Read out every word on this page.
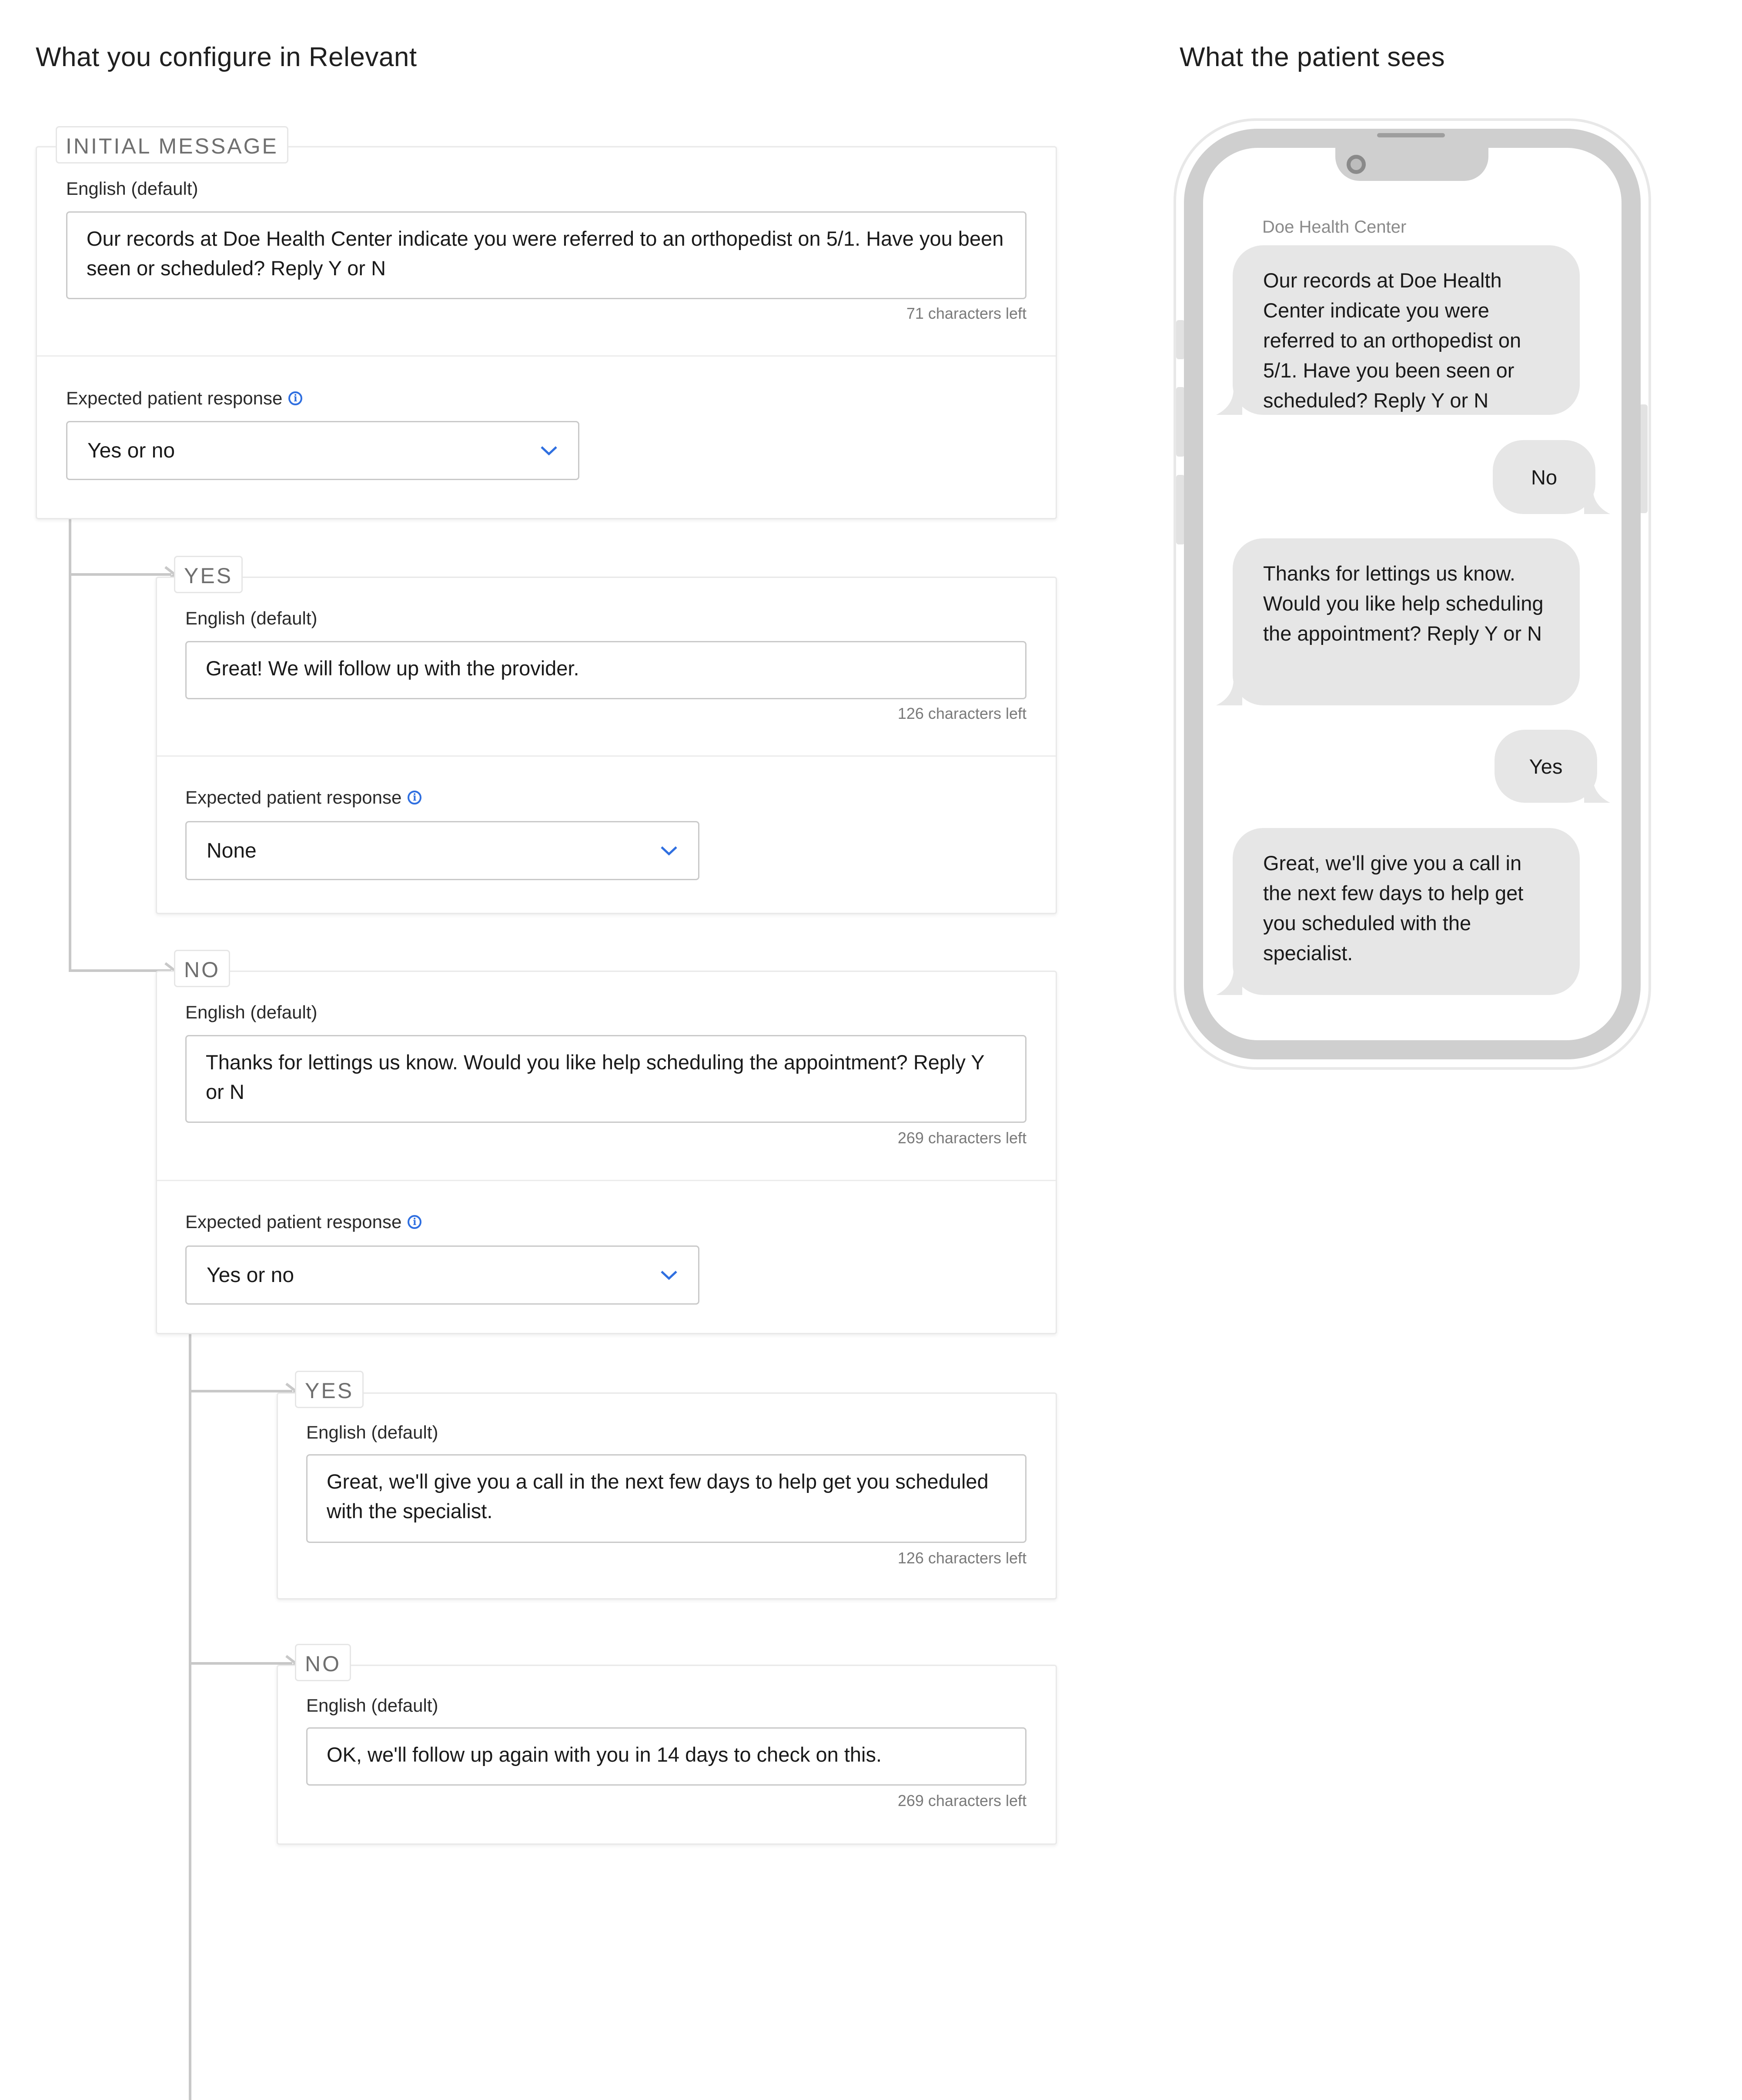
What you configure in Relevant	What the patient sees
INITIAL MESSAGE
English (default)
Our records at Doe Health Center indicate you were referred to an orthopedist on 5/1. Have you been seen or scheduled? Reply Y or N
71 characters left
Expected patient response	i
Yes or no
YES
English (default)
Great! We will follow up with the provider.
126 characters left
Expected patient response	i
None
NO
English (default)
Thanks for lettings us know. Would you like help scheduling the appointment? Reply Y or N
269 characters left
Expected patient response	i
Yes or no
YES
English (default)
Great, we'll give you a call in the next few days to help get you scheduled with the specialist.
126 characters left
NO
English (default)
OK, we'll follow up again with you in 14 days to check on this.
269 characters left
Doe Health Center
Our records at Doe Health Center indicate you were referred to an orthopedist on 5/1. Have you been seen or scheduled? Reply Y or N
No
Thanks for lettings us know. Would you like help scheduling the appointment? Reply Y or N
Yes
Great, we'll give you a call in the next few days to help get you scheduled with the specialist.
